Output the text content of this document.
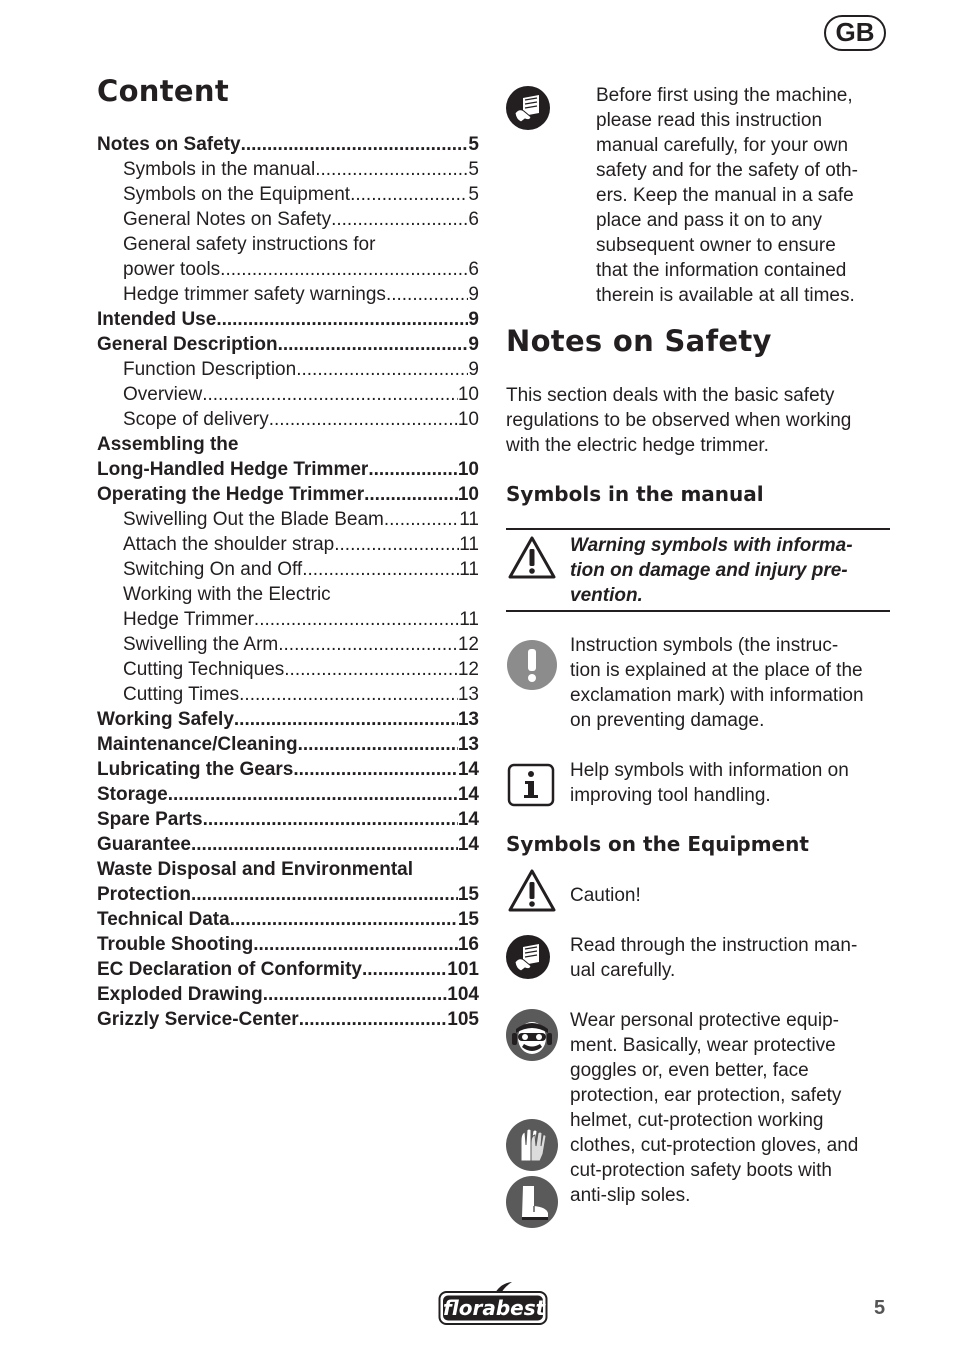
GB
Content
Notes on Safety .....	5
Symbols in the manual .....	5
Symbols on the Equipment .....	5
General Notes on Safety .....	6
General safety instructions for
power tools .....	6
Hedge trimmer safety warnings .....	9
Intended Use .....	9
General Description .....	9
Function Description .....	9
Overview .....	10
Scope of delivery .....	10
Assembling the
Long-Handled Hedge Trimmer .....	10
Operating the Hedge Trimmer .....	10
Swivelling Out the Blade Beam .....	11
Attach the shoulder strap .....	11
Switching On and Off .....	11
Working with the Electric
Hedge Trimmer .....	11
Swivelling the Arm .....	12
Cutting Techniques .....	12
Cutting Times .....	13
Working Safely .....	13
Maintenance/Cleaning .....	13
Lubricating the Gears .....	14
Storage .....	14
Spare Parts .....	14
Guarantee .....	14
Waste Disposal and Environmental
Protection .....	15
Technical Data .....	15
Trouble Shooting .....	16
EC Declaration of Conformity .....	101
Exploded Drawing .....	104
Grizzly Service-Center .....	105

Before first using the machine,
please read this instruction
manual carefully, for your own
safety and for the safety of oth-
ers. Keep the manual in a safe
place and pass it on to any
subsequent owner to ensure
that the information contained
therein is available at all times.

Notes on Safety

This section deals with the basic safety
regulations to be observed when working
with the electric hedge trimmer.

Symbols in the manual

Warning symbols with informa-
tion on damage and injury pre-
vention.

Instruction symbols (the instruc-
tion is explained at the place of the
exclamation mark) with information
on preventing damage.

Help symbols with information on
improving tool handling.

Symbols on the Equipment

Caution!

Read through the instruction man-
ual carefully.

Wear personal protective equip-
ment. Basically, wear protective
goggles or, even better, face
protection, ear protection, safety
helmet, cut-protection working
clothes, cut-protection gloves, and
cut-protection safety boots with
anti-slip soles.

florabest	5
